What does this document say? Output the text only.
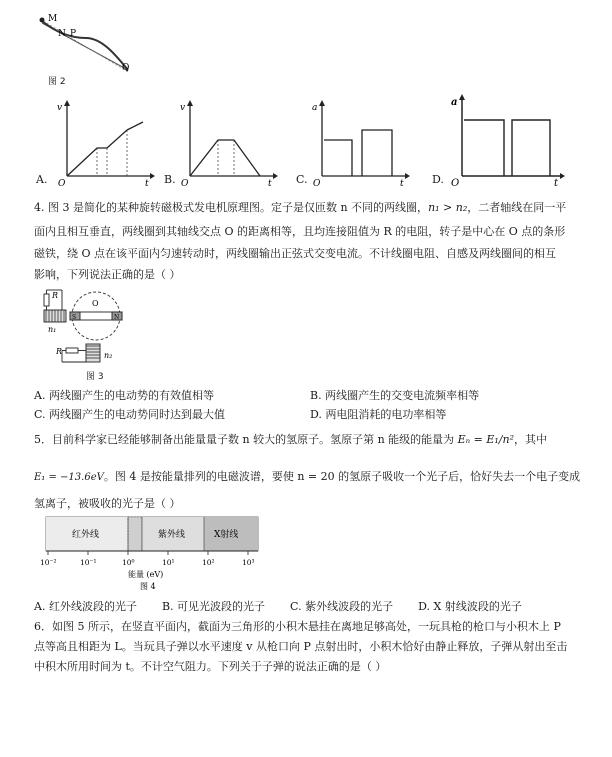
M
N P
Q
图 2
v
t
O
A.
v
t
O
B.
a
t
O
C.
a
t
O
D.
4. 图 3 是简化的某种旋转磁极式发电机原理图。定子是仅匝数 n 不同的两线圈，n₁ > n₂，二者轴线在同一平
面内且相互垂直，两线圈到其轴线交点 O 的距离相等，且均连接阻值为 R 的电阻，转子是中心在 O 点的条形
磁铁，绕 O 点在该平面内匀速转动时，两线圈输出正弦式交变电流。不计线圈电阻、自感及两线圈间的相互
影响，下列说法正确的是（ ）
R
n₁
S	N
O
n₂
R
图 3
A. 两线圈产生的电动势的有效值相等	B. 两线圈产生的交变电流频率相等
C. 两线圈产生的电动势同时达到最大值	D. 两电阻消耗的电功率相等
5．目前科学家已经能够制备出能量量子数 n 较大的氢原子。氢原子第 n 能级的能量为 Eₙ = E₁/n²，其中
E₁ = −13.6eV。图 4 是按能量排列的电磁波谱，要使 n = 20 的氢原子吸收一个光子后，恰好失去一个电子变成
氢离子，被吸收的光子是（ ）
红外线	紫外线	X射线
10⁻²	10⁻¹	10⁰	10¹	10²	10³
能量 (eV)
图 4
A. 红外线波段的光子 B. 可见光波段的光子 C. 紫外线波段的光子 D. X 射线波段的光子
6．如图 5 所示，在竖直平面内，截面为三角形的小积木悬挂在离地足够高处，一玩具枪的枪口与小积木上 P
点等高且相距为 L。当玩具子弹以水平速度 v 从枪口向 P 点射出时，小积木恰好由静止释放，子弹从射出至击
中积木所用时间为 t。不计空气阻力。下列关于子弹的说法正确的是（ ）
